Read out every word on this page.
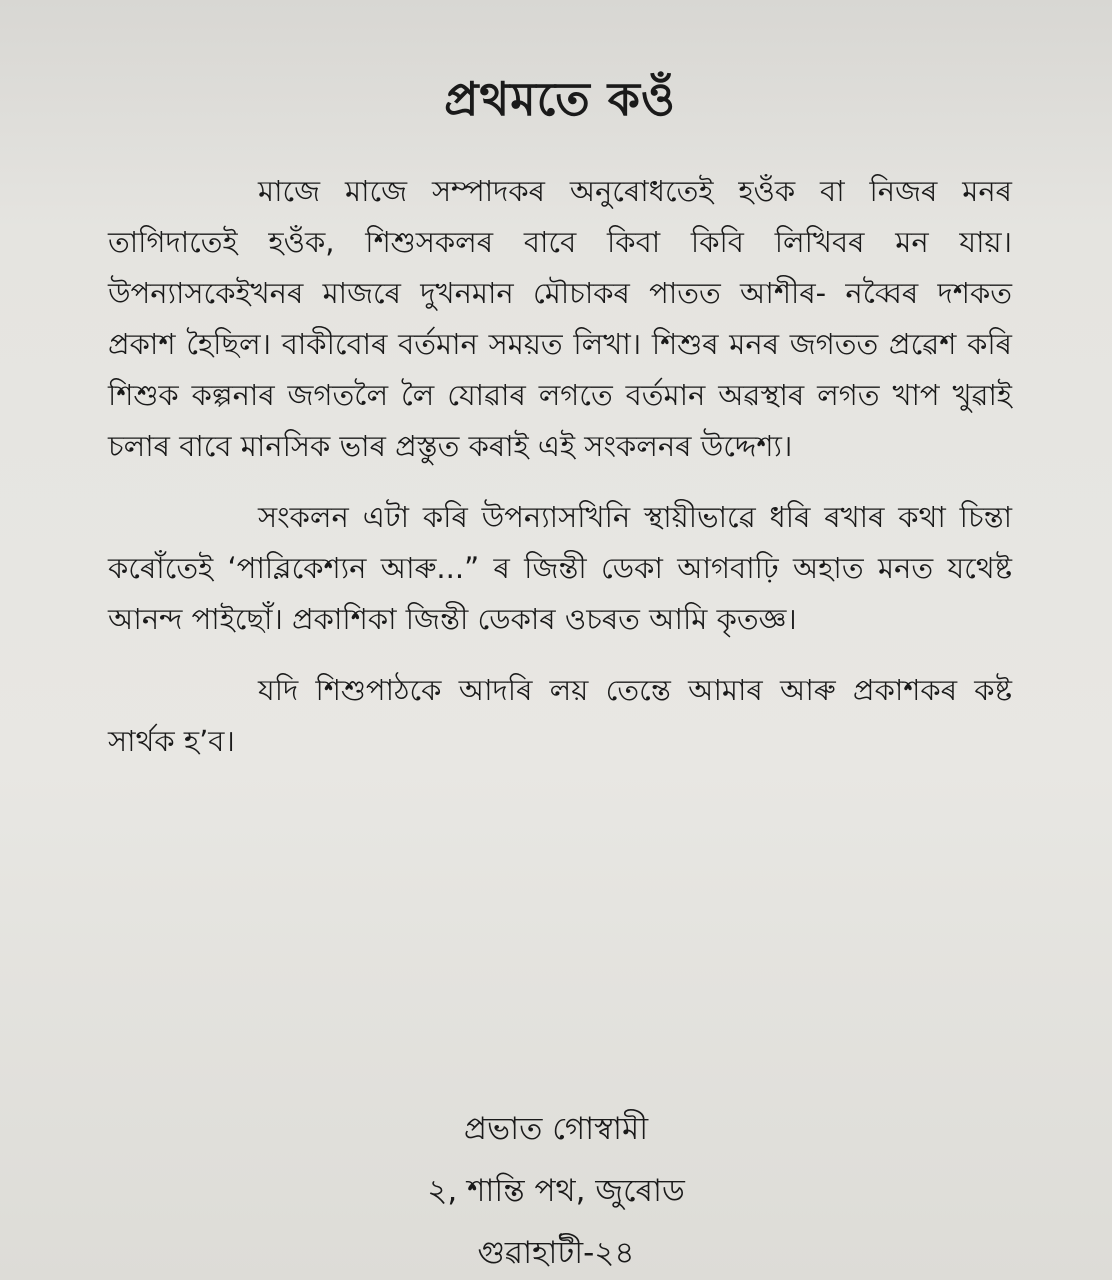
প্ৰথমতে কওঁ

মাজে মাজে সম্পাদকৰ অনুৰোধতেই হওঁক বা নিজৰ মনৰ তাগিদাতেই হওঁক, শিশুসকলৰ বাবে কিবা কিবি লিখিবৰ মন যায়। উপন্যাসকেইখনৰ মাজৰে দুখনমান মৌচাকৰ পাতত আশীৰ- নব্বৈৰ দশকত প্ৰকাশ হৈছিল। বাকীবোৰ বৰ্তমান সময়ত লিখা। শিশুৰ মনৰ জগতত প্ৰৱেশ কৰি শিশুক কল্পনাৰ জগতলৈ লৈ যোৱাৰ লগতে বৰ্তমান অৱস্থাৰ লগত খাপ খুৱাই চলাৰ বাবে মানসিক ভাৰ প্ৰস্তুত কৰাই এই সংকলনৰ উদ্দেশ্য।

সংকলন এটা কৰি উপন্যাসখিনি স্থায়ীভাৱে ধৰি ৰখাৰ কথা চিন্তা কৰোঁতেই ‘পাব্লিকেশ্যন আৰু...” ৰ জিন্তী ডেকা আগবাঢ়ি অহাত মনত যথেষ্ট আনন্দ পাইছোঁ। প্ৰকাশিকা জিন্তী ডেকাৰ ওচৰত আমি কৃতজ্ঞ।

যদি শিশুপাঠকে আদৰি লয় তেন্তে আমাৰ আৰু প্ৰকাশকৰ কষ্ট সাৰ্থক হ’ব।

প্ৰভাত গোস্বামী
২, শান্তি পথ, জুৰোড
গুৱাহাটী-২৪
